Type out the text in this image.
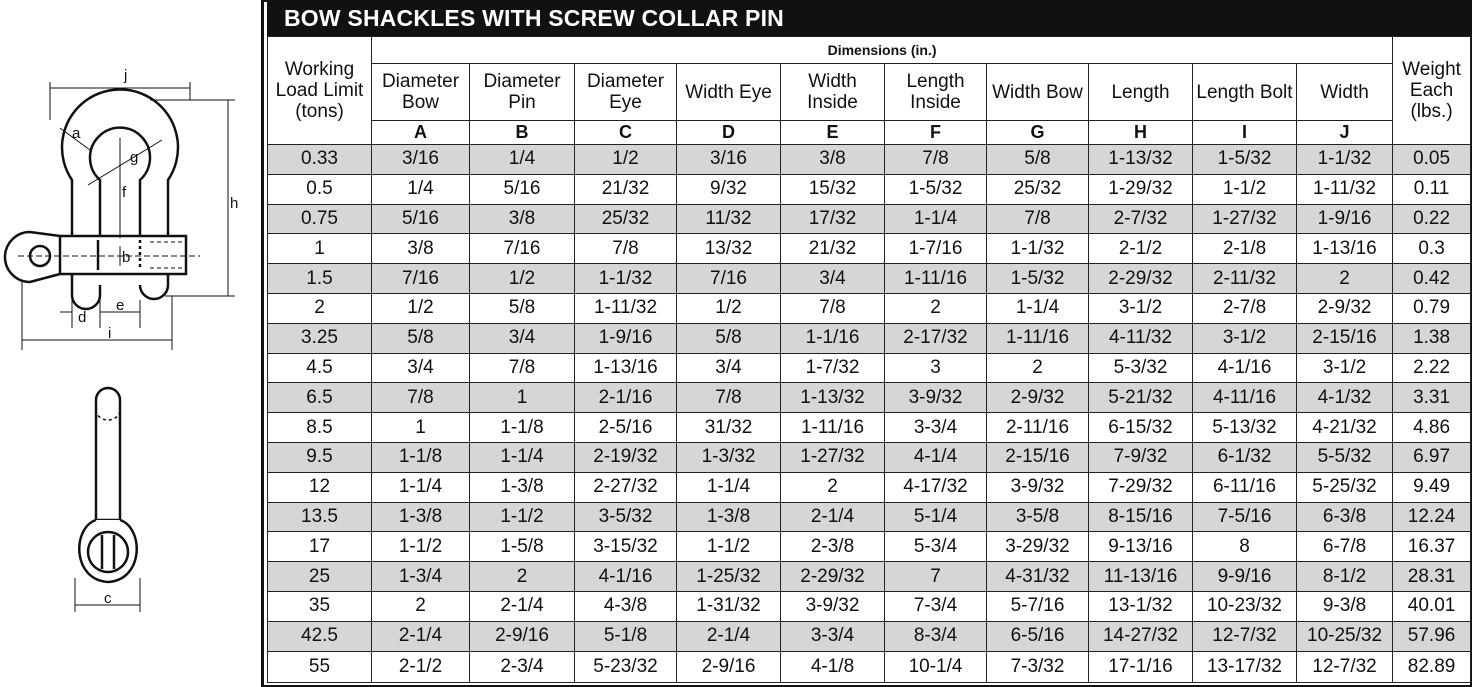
j
a
g
f
h
b
d
e
i
c
BOW SHACKLES WITH SCREW COLLAR PIN
Working Load Limit (tons)	Dimensions (in.)										Weight Each (lbs.)
	Diameter Bow	Diameter Pin	Diameter Eye	Width Eye	Width Inside	Length Inside	Width Bow	Length	Length Bolt	Width	
	A	B	C	D	E	F	G	H	I	J	
0.33	3/16	1/4	1/2	3/16	3/8	7/8	5/8	1-13/32	1-5/32	1-1/32	0.05
0.5	1/4	5/16	21/32	9/32	15/32	1-5/32	25/32	1-29/32	1-1/2	1-11/32	0.11
0.75	5/16	3/8	25/32	11/32	17/32	1-1/4	7/8	2-7/32	1-27/32	1-9/16	0.22
1	3/8	7/16	7/8	13/32	21/32	1-7/16	1-1/32	2-1/2	2-1/8	1-13/16	0.3
1.5	7/16	1/2	1-1/32	7/16	3/4	1-11/16	1-5/32	2-29/32	2-11/32	2	0.42
2	1/2	5/8	1-11/32	1/2	7/8	2	1-1/4	3-1/2	2-7/8	2-9/32	0.79
3.25	5/8	3/4	1-9/16	5/8	1-1/16	2-17/32	1-11/16	4-11/32	3-1/2	2-15/16	1.38
4.5	3/4	7/8	1-13/16	3/4	1-7/32	3	2	5-3/32	4-1/16	3-1/2	2.22
6.5	7/8	1	2-1/16	7/8	1-13/32	3-9/32	2-9/32	5-21/32	4-11/16	4-1/32	3.31
8.5	1	1-1/8	2-5/16	31/32	1-11/16	3-3/4	2-11/16	6-15/32	5-13/32	4-21/32	4.86
9.5	1-1/8	1-1/4	2-19/32	1-3/32	1-27/32	4-1/4	2-15/16	7-9/32	6-1/32	5-5/32	6.97
12	1-1/4	1-3/8	2-27/32	1-1/4	2	4-17/32	3-9/32	7-29/32	6-11/16	5-25/32	9.49
13.5	1-3/8	1-1/2	3-5/32	1-3/8	2-1/4	5-1/4	3-5/8	8-15/16	7-5/16	6-3/8	12.24
17	1-1/2	1-5/8	3-15/32	1-1/2	2-3/8	5-3/4	3-29/32	9-13/16	8	6-7/8	16.37
25	1-3/4	2	4-1/16	1-25/32	2-29/32	7	4-31/32	11-13/16	9-9/16	8-1/2	28.31
35	2	2-1/4	4-3/8	1-31/32	3-9/32	7-3/4	5-7/16	13-1/32	10-23/32	9-3/8	40.01
42.5	2-1/4	2-9/16	5-1/8	2-1/4	3-3/4	8-3/4	6-5/16	14-27/32	12-7/32	10-25/32	57.96
55	2-1/2	2-3/4	5-23/32	2-9/16	4-1/8	10-1/4	7-3/32	17-1/16	13-17/32	12-7/32	82.89
